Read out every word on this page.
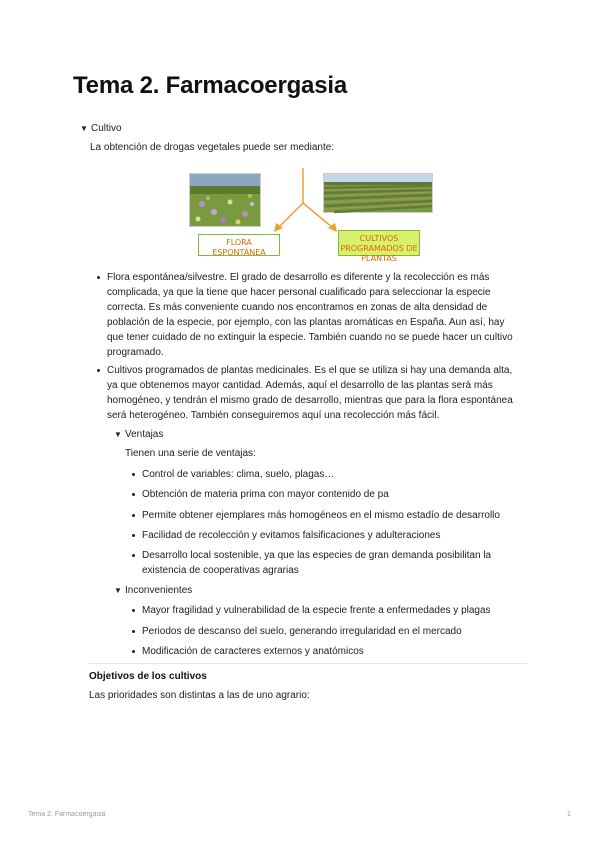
Tema 2. Farmacoergasia
▼ Cultivo
La obtención de drogas vegetales puede ser mediante:
FLORA ESPONTÁNEA
CULTIVOS PROGRAMADOS DE PLANTAS
Flora espontánea/silvestre. El grado de desarrollo es diferente y la recolección es más
complicada, ya que la tiene que hacer personal cualificado para seleccionar la especie
correcta. Es más conveniente cuando nos encontramos en zonas de alta densidad de
población de la especie, por ejemplo, con las plantas aromáticas en España. Aun así, hay
que tener cuidado de no extinguir la especie. También cuando no se puede hacer un cultivo
programado.
Cultivos programados de plantas medicinales. Es el que se utiliza si hay una demanda alta,
ya que obtenemos mayor cantidad. Además, aquí el desarrollo de las plantas será más
homogéneo, y tendrán el mismo grado de desarrollo, mientras que para la flora espontánea
será heterogéneo. También conseguiremos aquí una recolección más fácil.
▼ Ventajas
Tienen una serie de ventajas:
Control de variables: clima, suelo, plagas…
Obtención de materia prima con mayor contenido de pa
Permite obtener ejemplares más homogéneos en el mismo estadío de desarrollo
Facilidad de recolección y evitamos falsificaciones y adulteraciones
Desarrollo local sostenible, ya que las especies de gran demanda posibilitan la
existencia de cooperativas agrarias
▼ Inconvenientes
Mayor fragilidad y vulnerabilidad de la especie frente a enfermedades y plagas
Periodos de descanso del suelo, generando irregularidad en el mercado
Modificación de caracteres externos y anatómicos
Objetivos de los cultivos
Las prioridades son distintas a las de uno agrario:
Tema 2. Farmacoergasia	1
